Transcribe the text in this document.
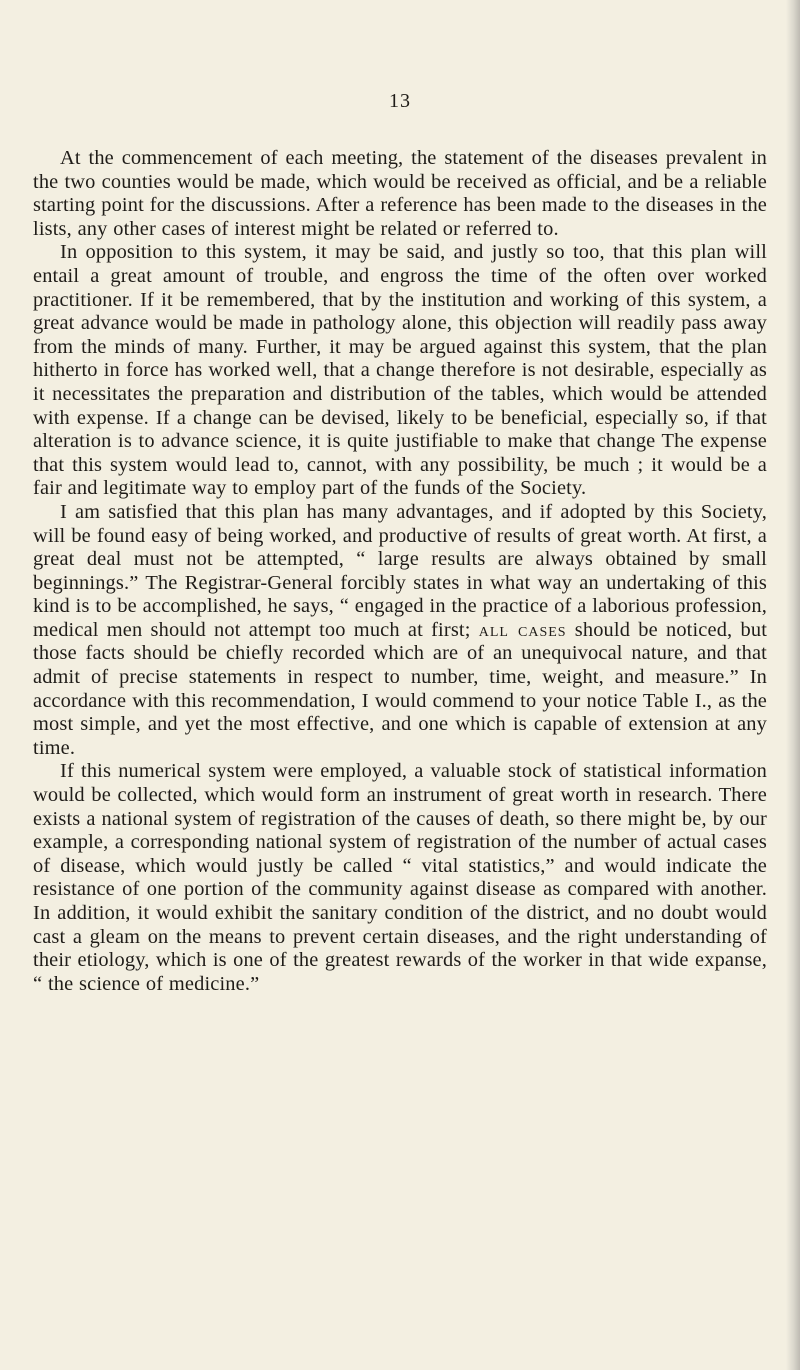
13

At the commencement of each meeting, the statement of the diseases prevalent in the two counties would be made, which would be received as official, and be a reliable starting point for the discussions. After a reference has been made to the diseases in the lists, any other cases of interest might be related or referred to.

In opposition to this system, it may be said, and justly so too, that this plan will entail a great amount of trouble, and engross the time of the often over worked practitioner. If it be remembered, that by the institution and working of this system, a great advance would be made in pathology alone, this objection will readily pass away from the minds of many. Further, it may be argued against this system, that the plan hitherto in force has worked well, that a change therefore is not desirable, especially as it necessitates the preparation and distribution of the tables, which would be attended with expense. If a change can be devised, likely to be beneficial, especially so, if that alteration is to advance science, it is quite justifiable to make that change The expense that this system would lead to, cannot, with any possibility, be much ; it would be a fair and legitimate way to employ part of the funds of the Society.

I am satisfied that this plan has many advantages, and if adopted by this Society, will be found easy of being worked, and productive of results of great worth. At first, a great deal must not be attempted, “ large results are always obtained by small beginnings.” The Registrar-General forcibly states in what way an undertaking of this kind is to be accomplished, he says, “ engaged in the practice of a laborious profession, medical men should not attempt too much at first; all cases should be noticed, but those facts should be chiefly recorded which are of an unequivocal nature, and that admit of precise statements in respect to number, time, weight, and measure.” In accordance with this recommendation, I would commend to your notice Table I., as the most simple, and yet the most effective, and one which is capable of extension at any time.

If this numerical system were employed, a valuable stock of statistical information would be collected, which would form an instrument of great worth in research. There exists a national system of registration of the causes of death, so there might be, by our example, a corresponding national system of registration of the number of actual cases of disease, which would justly be called “ vital statistics,” and would indicate the resistance of one portion of the community against disease as compared with another. In addition, it would exhibit the sanitary condition of the district, and no doubt would cast a gleam on the means to prevent certain diseases, and the right understanding of their etiology, which is one of the greatest rewards of the worker in that wide expanse, “ the science of medicine.”
